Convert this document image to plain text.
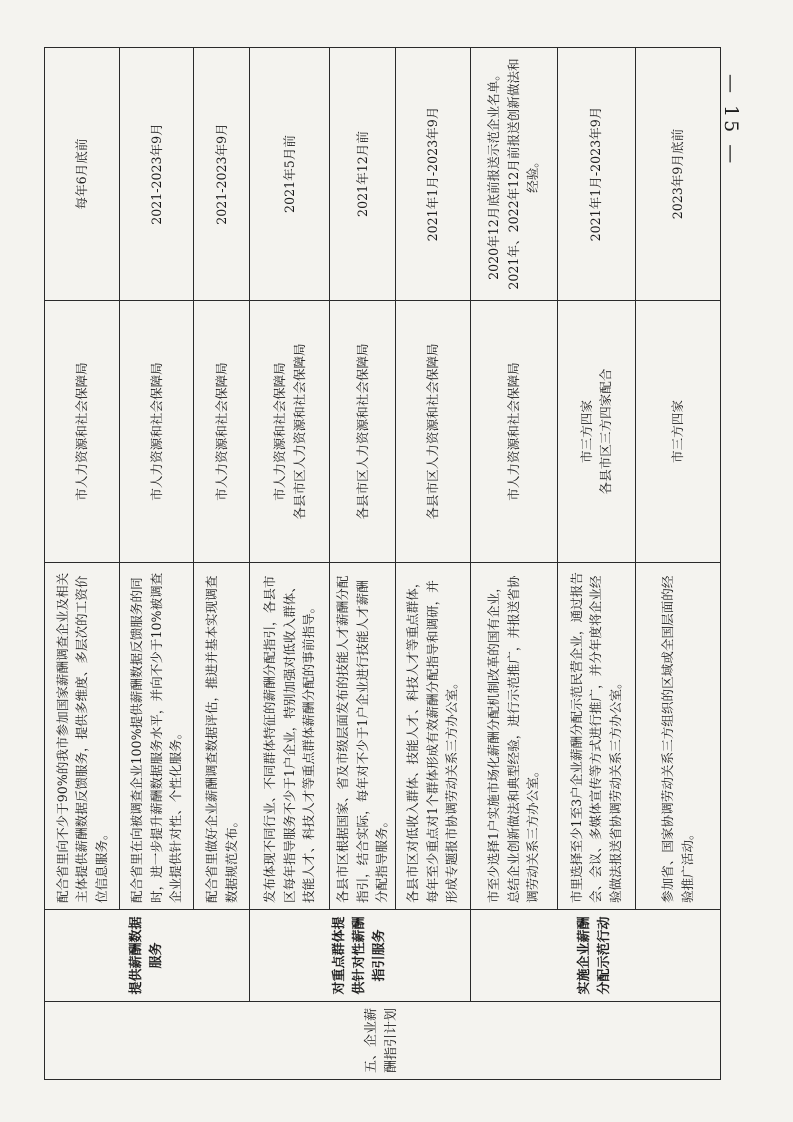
— 15 —
五、企业薪酬指引计划	提供薪酬数据服务	配合省里向不少于90%的我市参加国家薪酬调查企业及相关主体提供薪酬数据反馈服务，提供多维度、多层次的工资价位信息服务。	市人力资源和社会保障局	每年6月底前
		配合省里在向被调查企业100%提供薪酬数据反馈服务的同时，进一步提升薪酬数据服务水平，并向不少于10%被调查企业提供针对性、个性化服务。	市人力资源和社会保障局	2021-2023年9月
		配合省里做好企业薪酬调查数据评估，推进并基本实现调查数据规范发布。	市人力资源和社会保障局	2021-2023年9月
	对重点群体提供针对性薪酬指引服务	发布体现不同行业、不同群体特征的薪酬分配指引，各县市区每年指导服务不少于1户企业，特别加强对低收入群体、技能人才、科技人才等重点群体薪酬分配的事前指导。	市人力资源和社会保障局 各县市区人力资源和社会保障局	2021年5月前
		各县市区根据国家、省及市级层面发布的技能人才薪酬分配指引，结合实际，每年对不少于1户企业进行技能人才薪酬分配指导服务。	各县市区人力资源和社会保障局	2021年12月前
		各县市区对低收入群体、技能人才、科技人才等重点群体，每年至少重点对1个群体形成有效薪酬分配指导和调研，并形成专题报市协调劳动关系三方办公室。	各县市区人力资源和社会保障局	2021年1月-2023年9月
	实施企业薪酬分配示范行动	市至少选择1户实施市场化薪酬分配机制改革的国有企业，总结企业创新做法和典型经验，进行示范推广，并报送省协调劳动关系三方办公室。	市人力资源和社会保障局	2020年12月底前报送示范企业名单。2021年、2022年12月前报送创新做法和经验。
		市里选择至少1至3户企业薪酬分配示范民营企业，通过报告会、会议、多媒体宣传等方式进行推广，并分年度将企业经验做法报送省协调劳动关系三方办公室。	市三方四家 各县市区三方四家配合	2021年1月-2023年9月
		参加省、国家协调劳动关系三方组织的区域或全国层面的经验推广活动。	市三方四家	2023年9月底前
